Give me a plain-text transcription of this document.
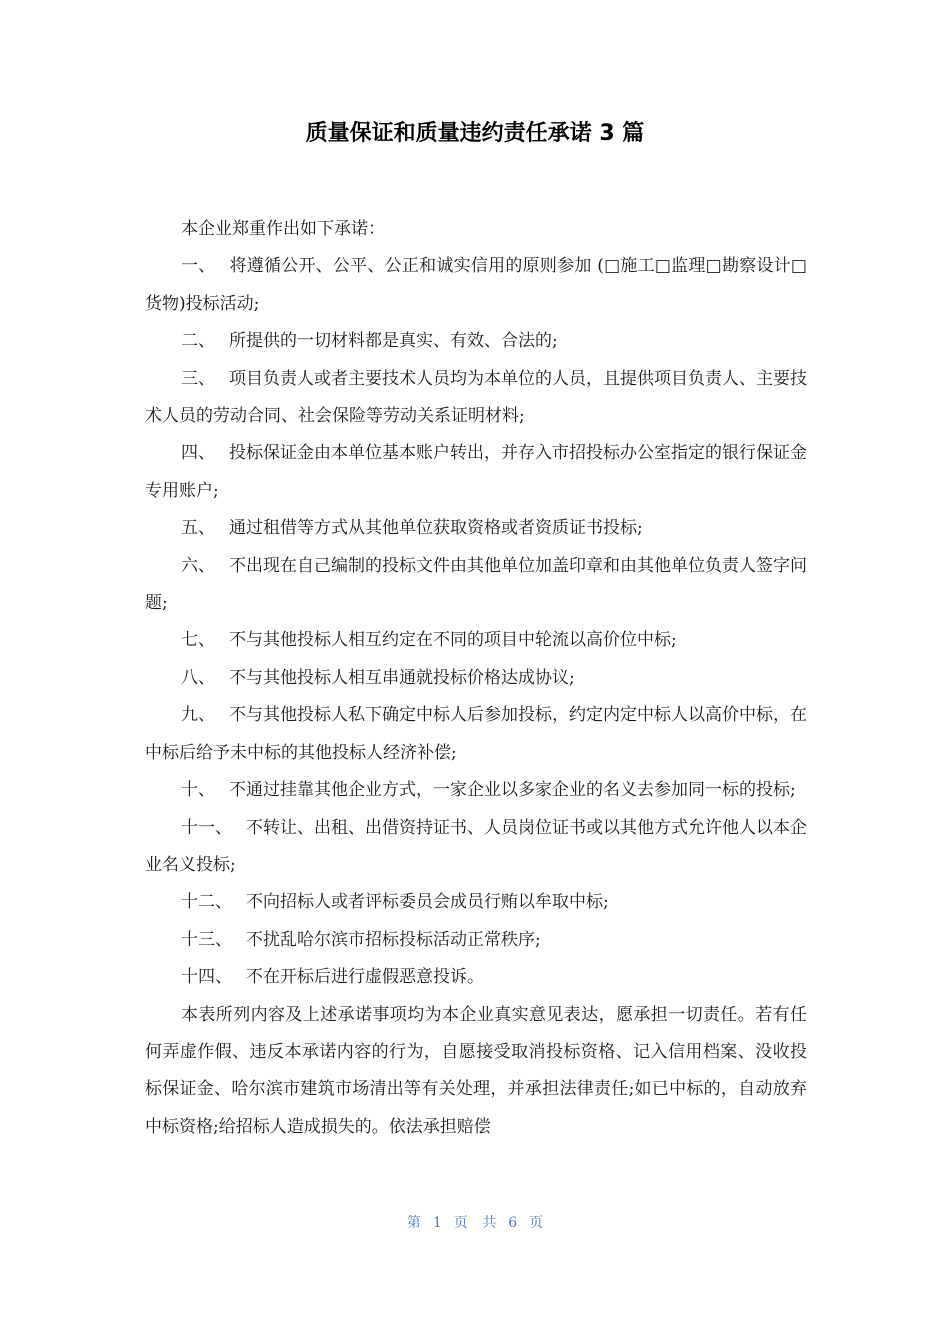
质量保证和质量违约责任承诺 3 篇

本企业郑重作出如下承诺：

一、 将遵循公开、公平、公正和诚实信用的原则参加 (□施工□监理□勘察设计□货物)投标活动;

二、 所提供的一切材料都是真实、有效、合法的;

三、 项目负责人或者主要技术人员均为本单位的人员，且提供项目负责人、主要技术人员的劳动合同、社会保险等劳动关系证明材料;

四、 投标保证金由本单位基本账户转出，并存入市招投标办公室指定的银行保证金专用账户;

五、 通过租借等方式从其他单位获取资格或者资质证书投标;

六、 不出现在自己编制的投标文件由其他单位加盖印章和由其他单位负责人签字问题;

七、 不与其他投标人相互约定在不同的项目中轮流以高价位中标;

八、 不与其他投标人相互串通就投标价格达成协议;

九、 不与其他投标人私下确定中标人后参加投标，约定内定中标人以高价中标，在中标后给予未中标的其他投标人经济补偿;

十、 不通过挂靠其他企业方式，一家企业以多家企业的名义去参加同一标的投标;

十一、 不转让、出租、出借资持证书、人员岗位证书或以其他方式允许他人以本企业名义投标;

十二、 不向招标人或者评标委员会成员行贿以牟取中标;

十三、 不扰乱哈尔滨市招标投标活动正常秩序;

十四、 不在开标后进行虚假恶意投诉。

本表所列内容及上述承诺事项均为本企业真实意见表达，愿承担一切责任。若有任何弄虚作假、违反本承诺内容的行为，自愿接受取消投标资格、记入信用档案、没收投标保证金、哈尔滨市建筑市场清出等有关处理，并承担法律责任;如已中标的，自动放弃中标资格;给招标人造成损失的。依法承担赔偿

第 1 页 共 6 页
